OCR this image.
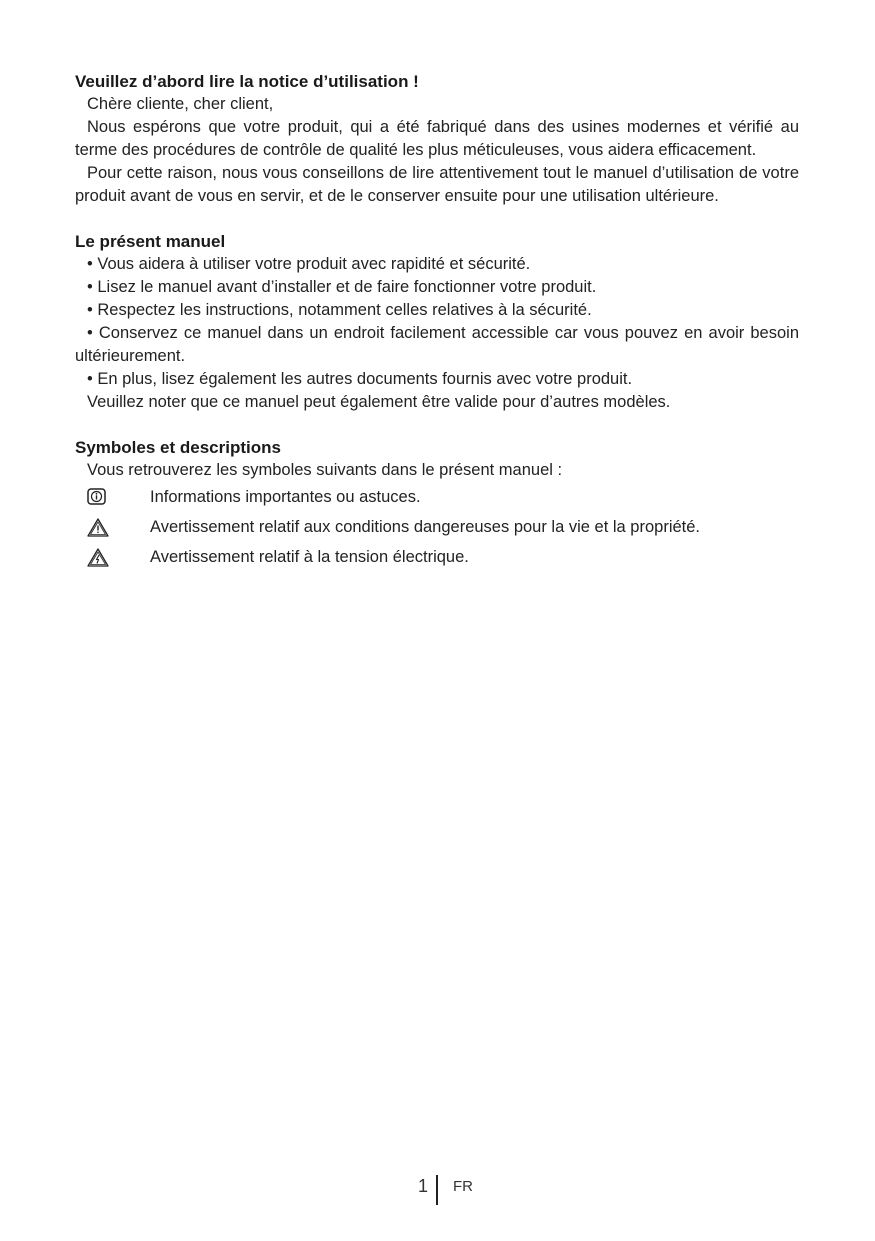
Veuillez d’abord lire la notice d’utilisation !

Chère cliente, cher client,

Nous espérons que votre produit, qui a été fabriqué dans des usines modernes et vérifié au terme des procédures de contrôle de qualité les plus méticuleuses, vous aidera efficacement.

Pour cette raison, nous vous conseillons de lire attentivement tout le manuel d’utilisation de votre produit avant de vous en servir, et de le conserver ensuite pour une utilisation ultérieure.

Le présent manuel

• Vous aidera à utiliser votre produit avec rapidité et sécurité.

• Lisez le manuel avant d’installer et de faire fonctionner votre produit.

• Respectez les instructions, notamment celles relatives à la sécurité.

• Conservez ce manuel dans un endroit facilement accessible car vous pouvez en avoir besoin ultérieurement.

• En plus, lisez également les autres documents fournis avec votre produit.

Veuillez noter que ce manuel peut également être valide pour d’autres modèles.

Symboles et descriptions

Vous retrouverez les symboles suivants dans le présent manuel :

Informations importantes ou astuces.
Avertissement relatif aux conditions dangereuses pour la vie et la propriété.
Avertissement relatif à la tension électrique.
1 FR
